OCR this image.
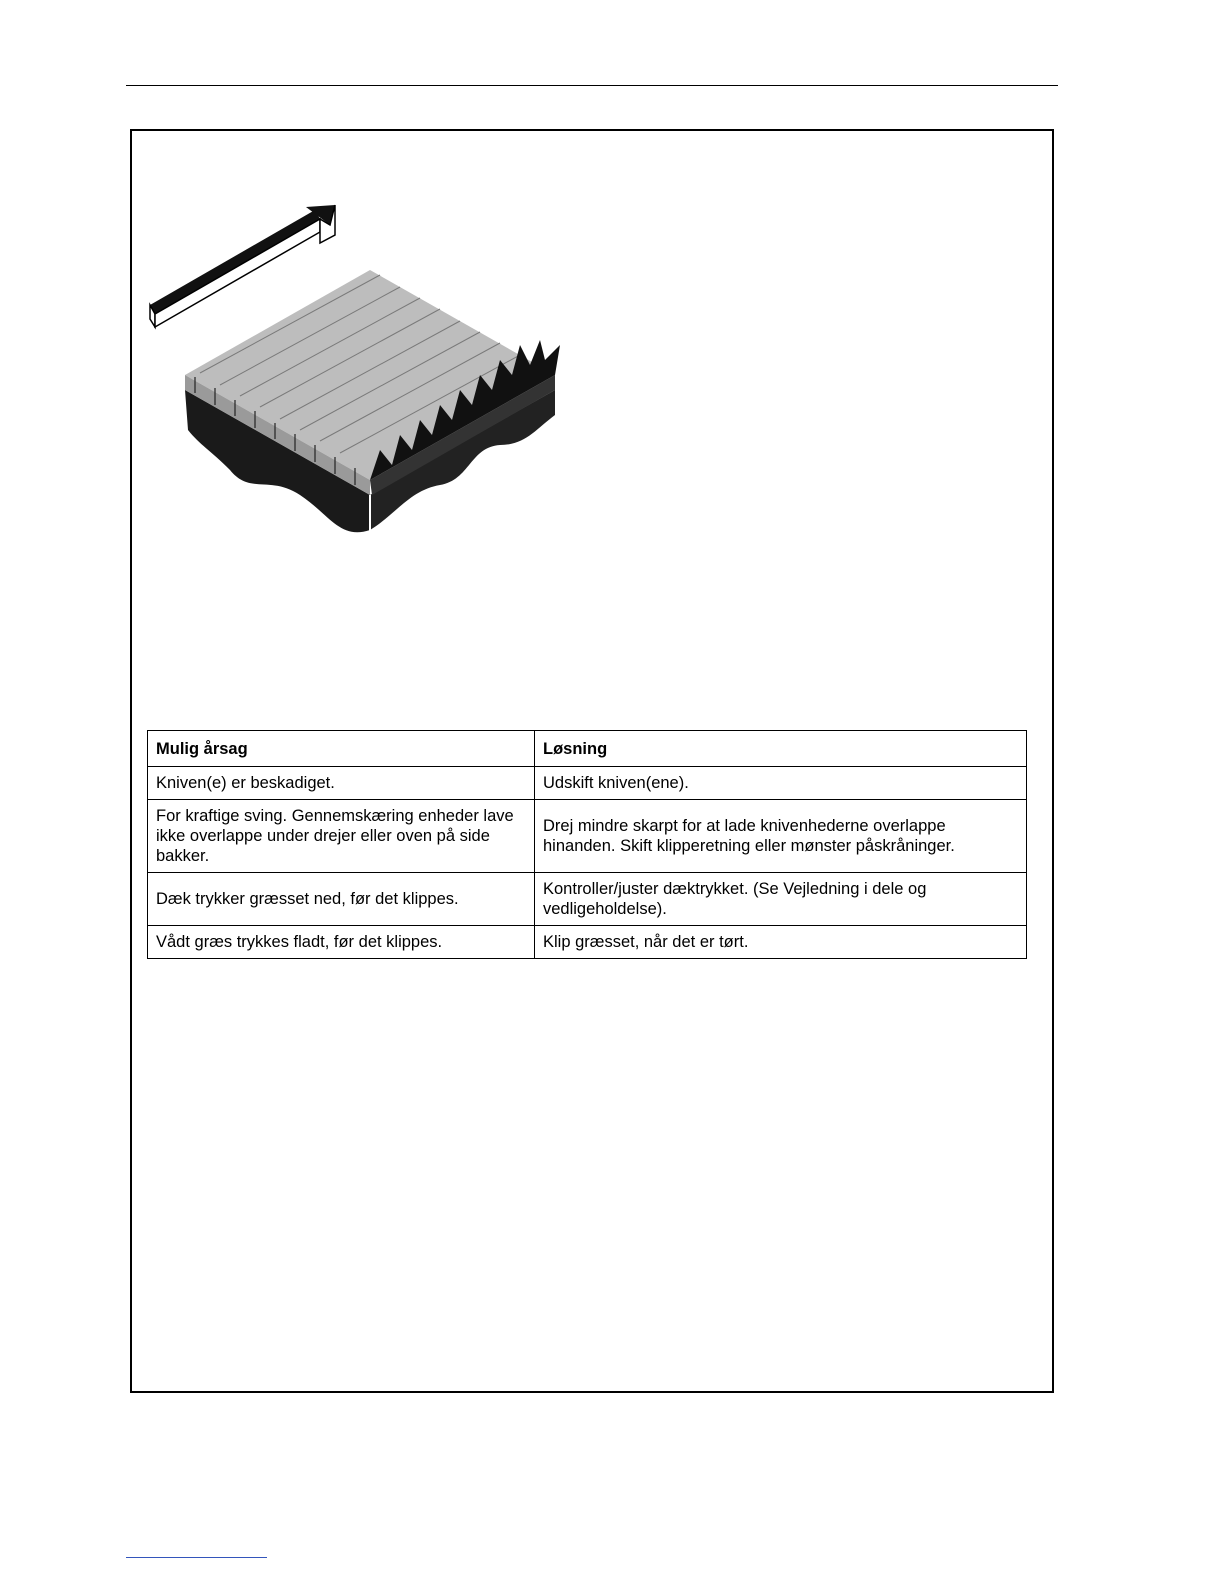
Mulig årsag	Løsning
Kniven(e) er beskadiget.	Udskift kniven(ene).
For kraftige sving. Gennemskæring enheder lave ikke overlappe under drejer eller oven på side bakker.	Drej mindre skarpt for at lade knivenhederne overlappe hinanden. Skift klipperetning eller mønster påskråninger.
Dæk trykker græsset ned, før det klippes.	Kontroller/juster dæktrykket. (Se Vejledning i dele og vedligeholdelse).
Vådt græs trykkes fladt, før det klippes.	Klip græsset, når det er tørt.
